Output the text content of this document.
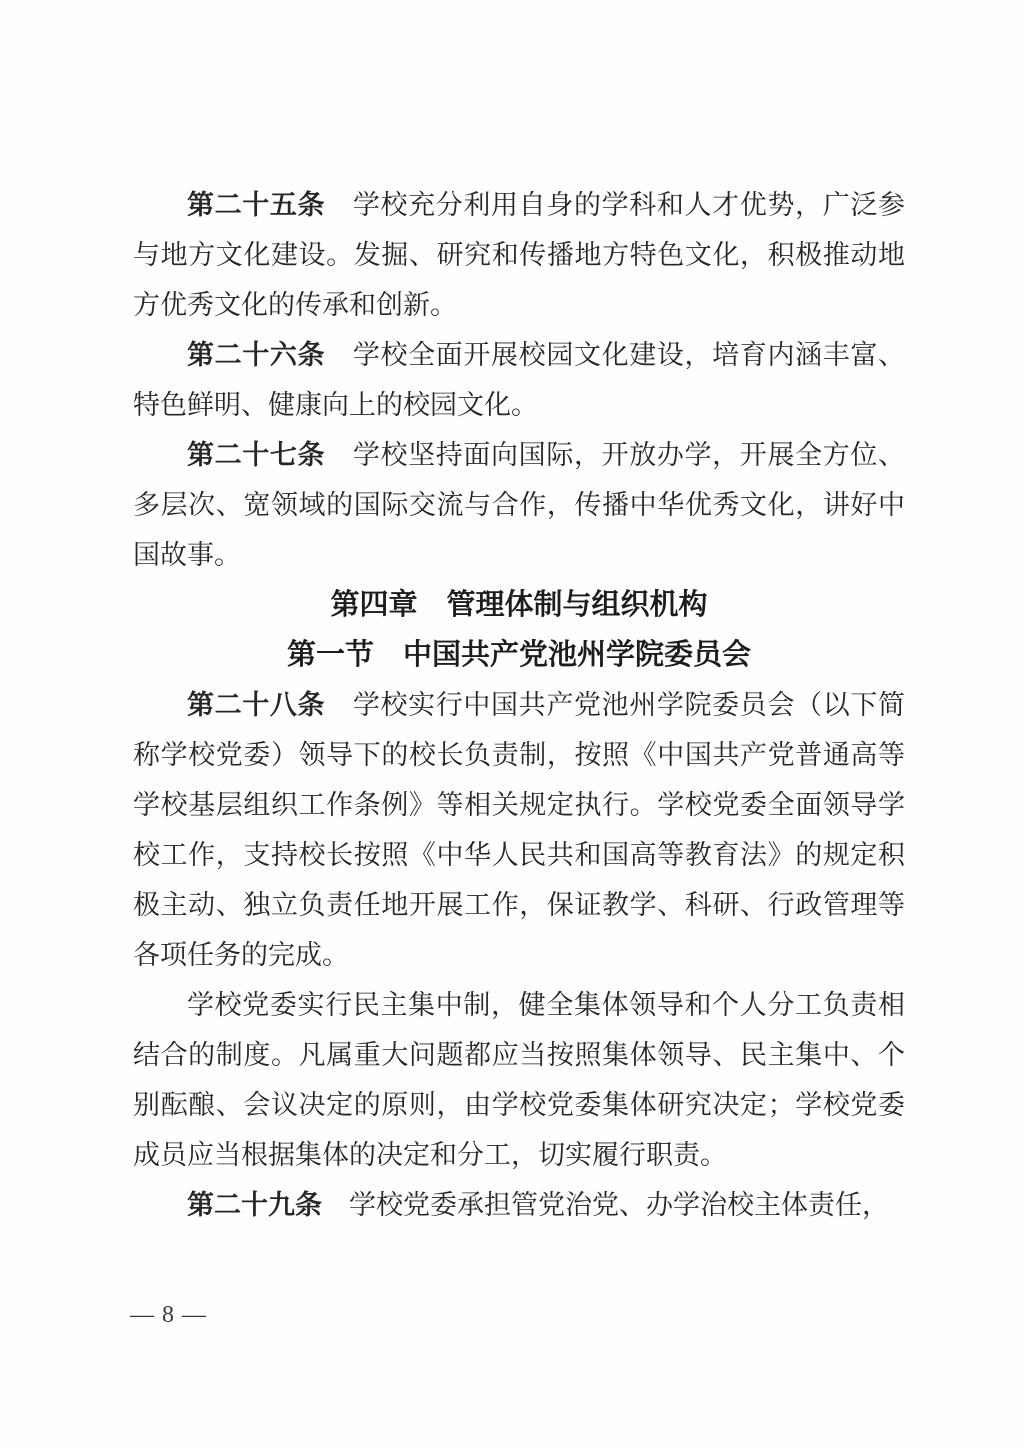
第二十五条 学校充分利用自身的学科和人才优势，广泛参与地方文化建设。发掘、研究和传播地方特色文化，积极推动地方优秀文化的传承和创新。

第二十六条 学校全面开展校园文化建设，培育内涵丰富、特色鲜明、健康向上的校园文化。

第二十七条 学校坚持面向国际，开放办学，开展全方位、多层次、宽领域的国际交流与合作，传播中华优秀文化，讲好中国故事。

第四章　管理体制与组织机构
第一节　中国共产党池州学院委员会

第二十八条 学校实行中国共产党池州学院委员会（以下简称学校党委）领导下的校长负责制，按照《中国共产党普通高等学校基层组织工作条例》等相关规定执行。学校党委全面领导学校工作，支持校长按照《中华人民共和国高等教育法》的规定积极主动、独立负责任地开展工作，保证教学、科研、行政管理等各项任务的完成。

学校党委实行民主集中制，健全集体领导和个人分工负责相结合的制度。凡属重大问题都应当按照集体领导、民主集中、个别酝酿、会议决定的原则，由学校党委集体研究决定；学校党委成员应当根据集体的决定和分工，切实履行职责。

第二十九条 学校党委承担管党治党、办学治校主体责任，

— 8 —
